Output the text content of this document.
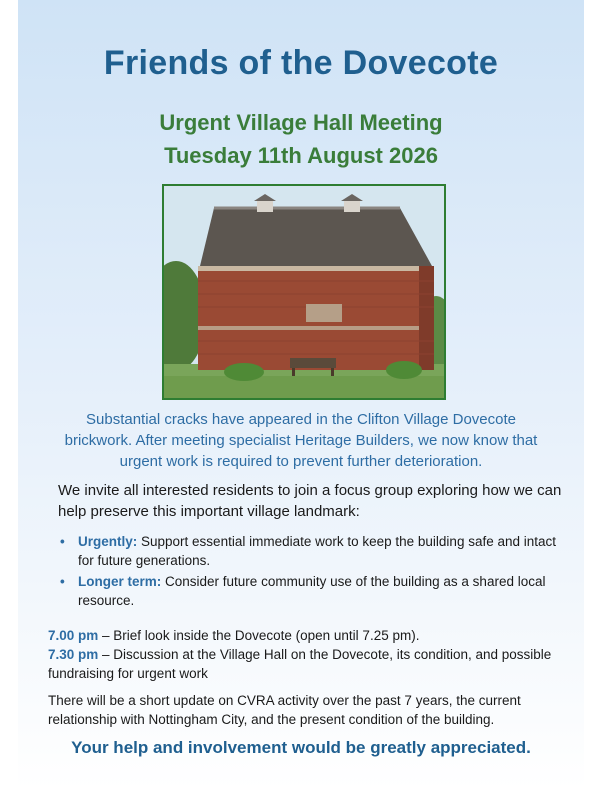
Friends of the Dovecote
Urgent Village Hall Meeting
Tuesday 11th August 2026
Substantial cracks have appeared in the Clifton Village Dovecote brickwork. After meeting specialist Heritage Builders, we now know that urgent work is required to prevent further deterioration.
We invite all interested residents to join a focus group exploring how we can help preserve this important village landmark:
• Urgently: Support essential immediate work to keep the building safe and intact for future generations.
• Longer term: Consider future community use of the building as a shared local resource.
7.00 pm – Brief look inside the Dovecote (open until 7.25 pm).
7.30 pm – Discussion at the Village Hall on the Dovecote, its condition, and possible fundraising for urgent work
There will be a short update on CVRA activity over the past 7 years, the current relationship with Nottingham City, and the present condition of the building.
Your help and involvement would be greatly appreciated.
